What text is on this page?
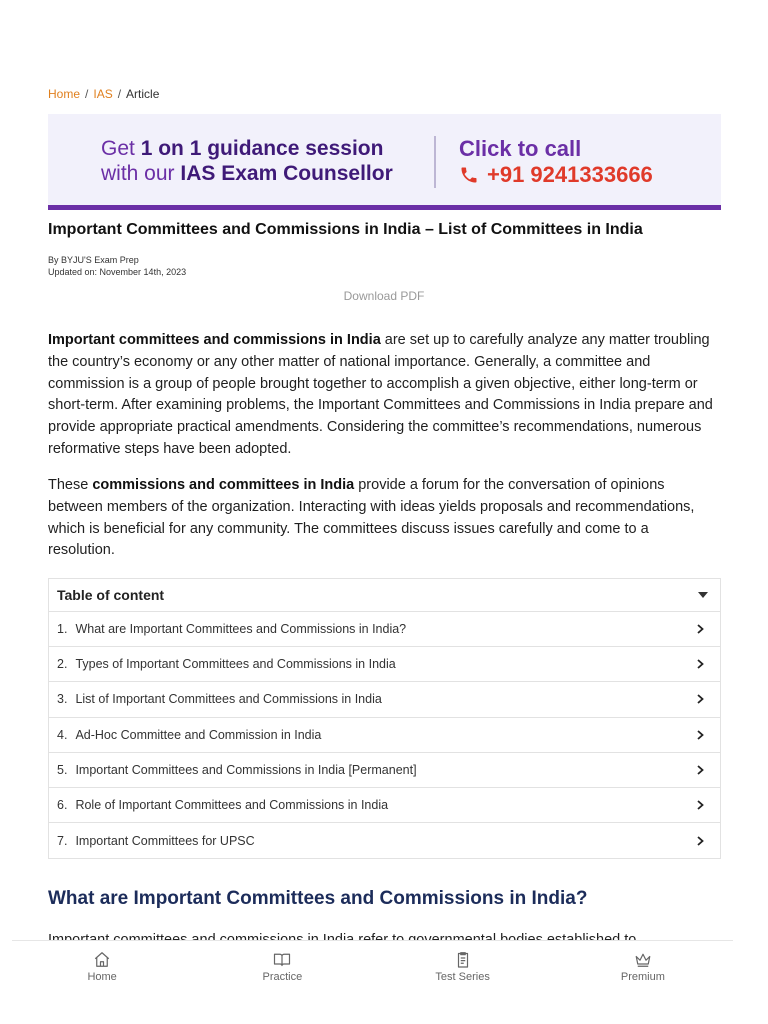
Home / IAS / Article
Get 1 on 1 guidance session
with our IAS Exam Counsellor
Click to call
+91 9241333666
Important Committees and Commissions in India – List of Committees in India
By BYJU'S Exam Prep
Updated on: November 14th, 2023
Download PDF

Important committees and commissions in India are set up to carefully analyze any matter troubling the country’s economy or any other matter of national importance. Generally, a committee and commission is a group of people brought together to accomplish a given objective, either long-term or short-term. After examining problems, the Important Committees and Commissions in India prepare and provide appropriate practical amendments. Considering the committee’s recommendations, numerous reformative steps have been adopted.

These commissions and committees in India provide a forum for the conversation of opinions between members of the organization. Interacting with ideas yields proposals and recommendations, which is beneficial for any community. The committees discuss issues carefully and come to a resolution.

Table of content
1. What are Important Committees and Commissions in India?
2. Types of Important Committees and Commissions in India
3. List of Important Committees and Commissions in India
4. Ad-Hoc Committee and Commission in India
5. Important Committees and Commissions in India [Permanent]
6. Role of Important Committees and Commissions in India
7. Important Committees for UPSC
What are Important Committees and Commissions in India?

Home	Practice	Test Series	Premium
